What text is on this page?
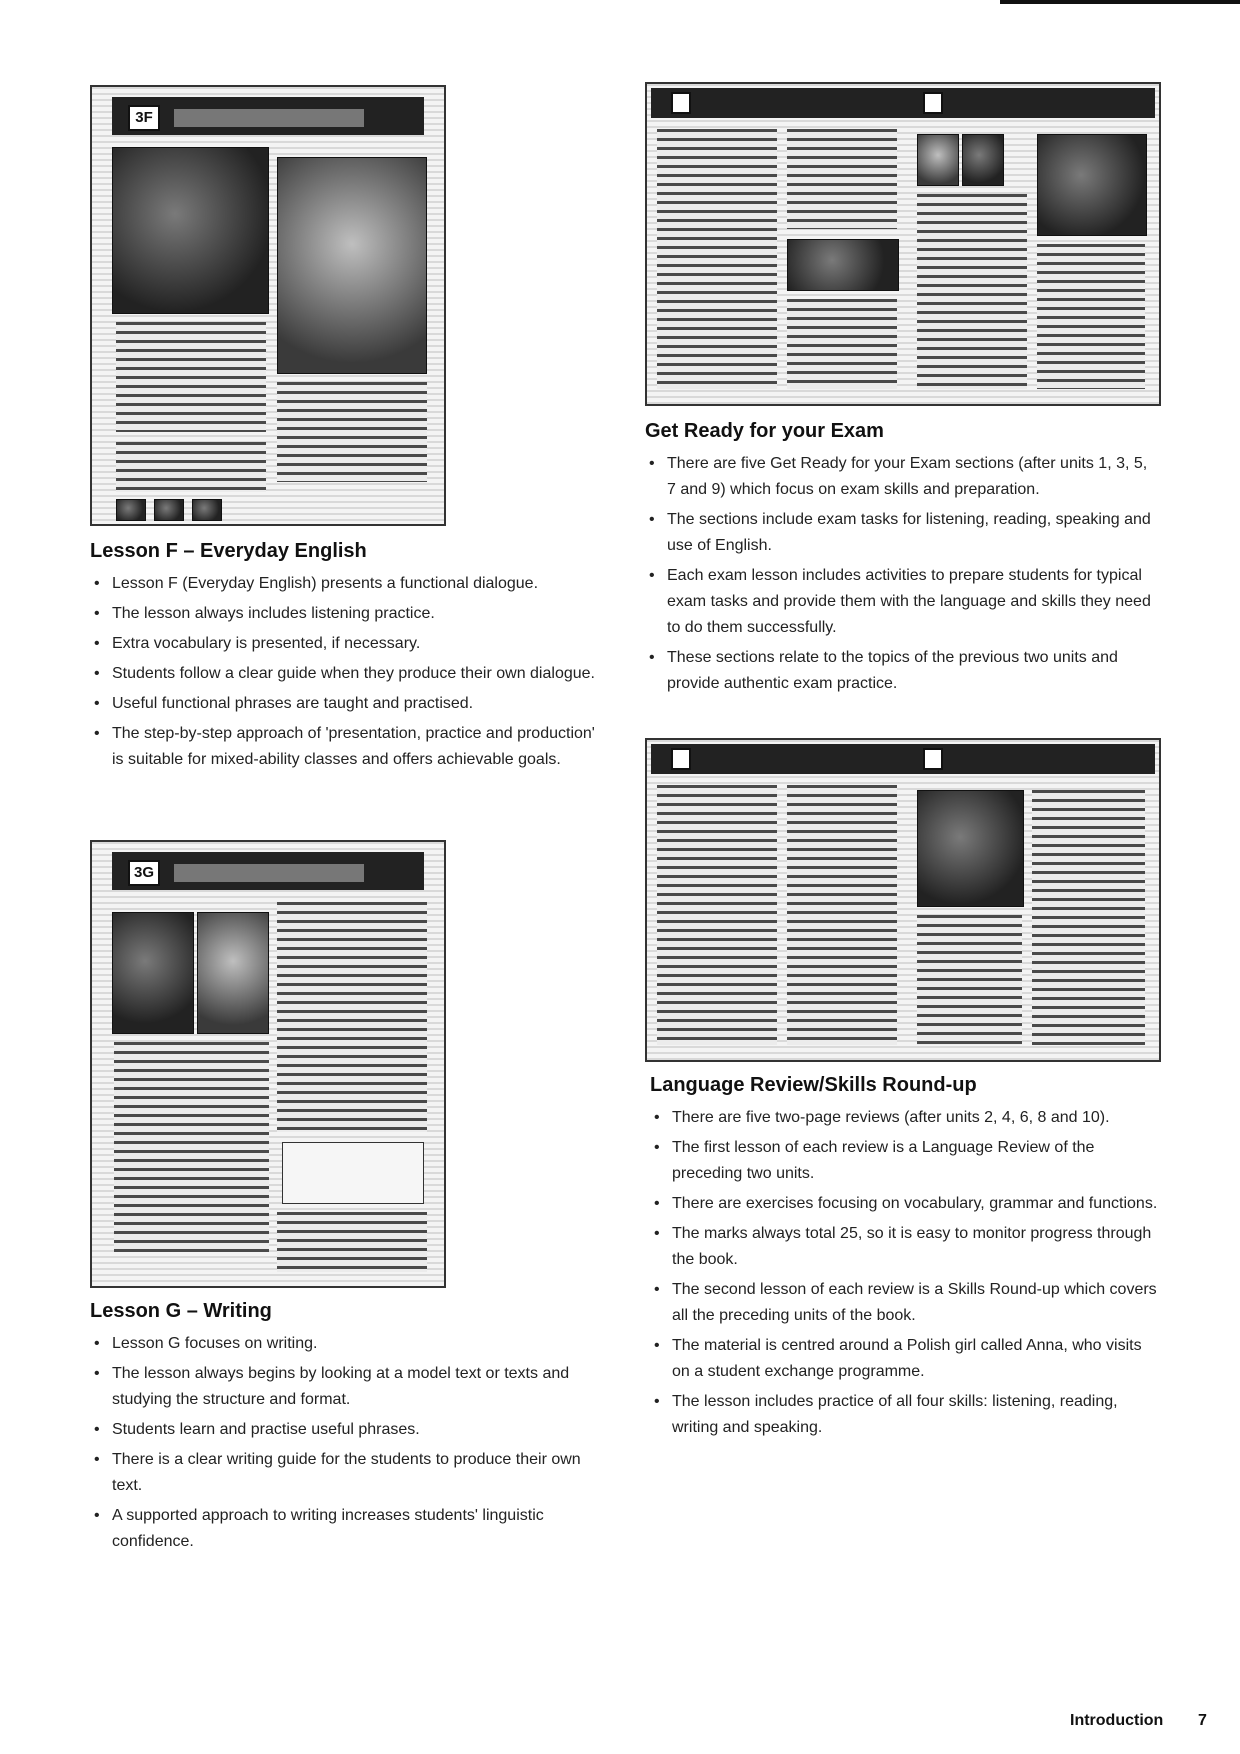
3F
Lesson F – Everyday English
• Lesson F (Everyday English) presents a functional dialogue.
• The lesson always includes listening practice.
• Extra vocabulary is presented, if necessary.
• Students follow a clear guide when they produce their own dialogue.
• Useful functional phrases are taught and practised.
• The step-by-step approach of 'presentation, practice and production' is suitable for mixed-ability classes and offers achievable goals.
3G
Lesson G – Writing
• Lesson G focuses on writing.
• The lesson always begins by looking at a model text or texts and studying the structure and format.
• Students learn and practise useful phrases.
• There is a clear writing guide for the students to produce their own text.
• A supported approach to writing increases students' linguistic confidence.
Get Ready for your Exam
• There are five Get Ready for your Exam sections (after units 1, 3, 5, 7 and 9) which focus on exam skills and preparation.
• The sections include exam tasks for listening, reading, speaking and use of English.
• Each exam lesson includes activities to prepare students for typical exam tasks and provide them with the language and skills they need to do them successfully.
• These sections relate to the topics of the previous two units and provide authentic exam practice.
Language Review/Skills Round-up
• There are five two-page reviews (after units 2, 4, 6, 8 and 10).
• The first lesson of each review is a Language Review of the preceding two units.
• There are exercises focusing on vocabulary, grammar and functions.
• The marks always total 25, so it is easy to monitor progress through the book.
• The second lesson of each review is a Skills Round-up which covers all the preceding units of the book.
• The material is centred around a Polish girl called Anna, who visits on a student exchange programme.
• The lesson includes practice of all four skills: listening, reading, writing and speaking.
Introduction 7
